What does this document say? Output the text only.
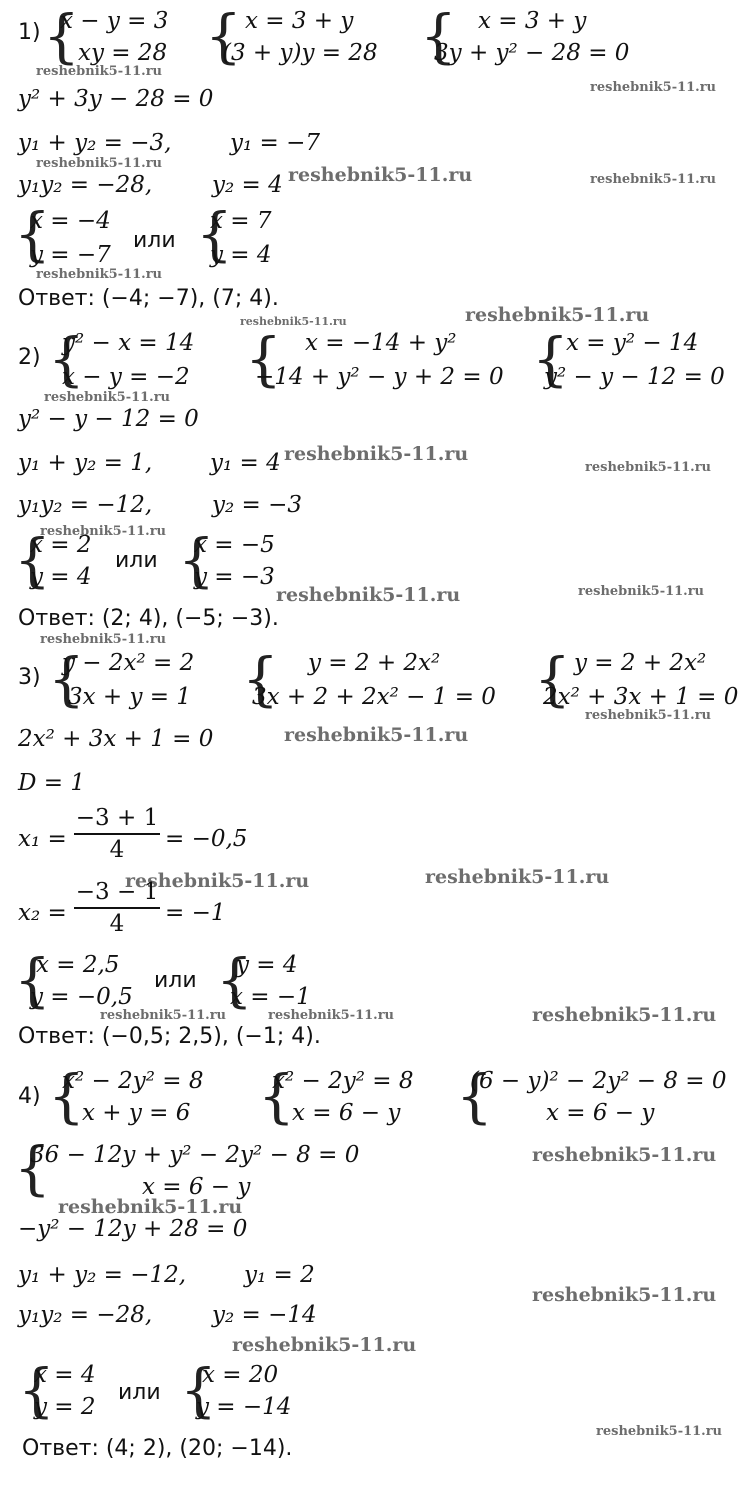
1)
{ x − y = 3
xy = 28
{
x = 3 + y
(3 + y)y = 28
{
x = 3 + y
3y + y² − 28 = 0
reshebnik5-11.ru
y² + 3y − 28 = 0	reshebnik5-11.ru
y₁ + y₂ = −3,	y₁ = −7
reshebnik5-11.ru
y₁y₂ = −28,	y₂ = 4 reshebnik5-11.ru	reshebnik5-11.ru
{
x = −4
y = −7
или
{
x = 7
y = 4
reshebnik5-11.ru
Ответ: (−4; −7), (7; 4).
reshebnik5-11.ru	reshebnik5-11.ru
2)
{
y² − x = 14
x − y = −2
{
x = −14 + y²
−14 + y² − y + 2 = 0
{
x = y² − 14
y² − y − 12 = 0
reshebnik5-11.ru
y² − y − 12 = 0
y₁ + y₂ = 1,	y₁ = 4 reshebnik5-11.ru
reshebnik5-11.ru
y₁y₂ = −12,	y₂ = −3
reshebnik5-11.ru
{
x = 2
y = 4
или
{
x = −5
y = −3
reshebnik5-11.ru	reshebnik5-11.ru
Ответ: (2; 4), (−5; −3).
reshebnik5-11.ru
3)
{
y − 2x² = 2
3x + y = 1
{
y = 2 + 2x²
3x + 2 + 2x² − 1 = 0
{
y = 2 + 2x²
2x² + 3x + 1 = 0
reshebnik5-11.ru
2x² + 3x + 1 = 0	reshebnik5-11.ru
D = 1
x₁ =
−3 + 1
4 = −0,5
reshebnik5-11.ru	reshebnik5-11.ru
x₂ =
−3 − 1
4 = −1
{
x = 2,5
y = −0,5
или
{
y = 4
x = −1
reshebnik5-11.ru	reshebnik5-11.ru	reshebnik5-11.ru
Ответ: (−0,5; 2,5), (−1; 4).
4)
{
x² − 2y² = 8
x + y = 6
{
x² − 2y² = 8
x = 6 − y
{
(6 − y)² − 2y² − 8 = 0
x = 6 − y
{
36 − 12y + y² − 2y² − 8 = 0
x = 6 − y
reshebnik5-11.ru
reshebnik5-11.ru
−y² − 12y + 28 = 0
y₁ + y₂ = −12,	y₁ = 2
reshebnik5-11.ru
y₁y₂ = −28,	y₂ = −14
reshebnik5-11.ru
{
x = 4
y = 2
или
{
x = 20
y = −14
reshebnik5-11.ru
Ответ: (4; 2), (20; −14).
